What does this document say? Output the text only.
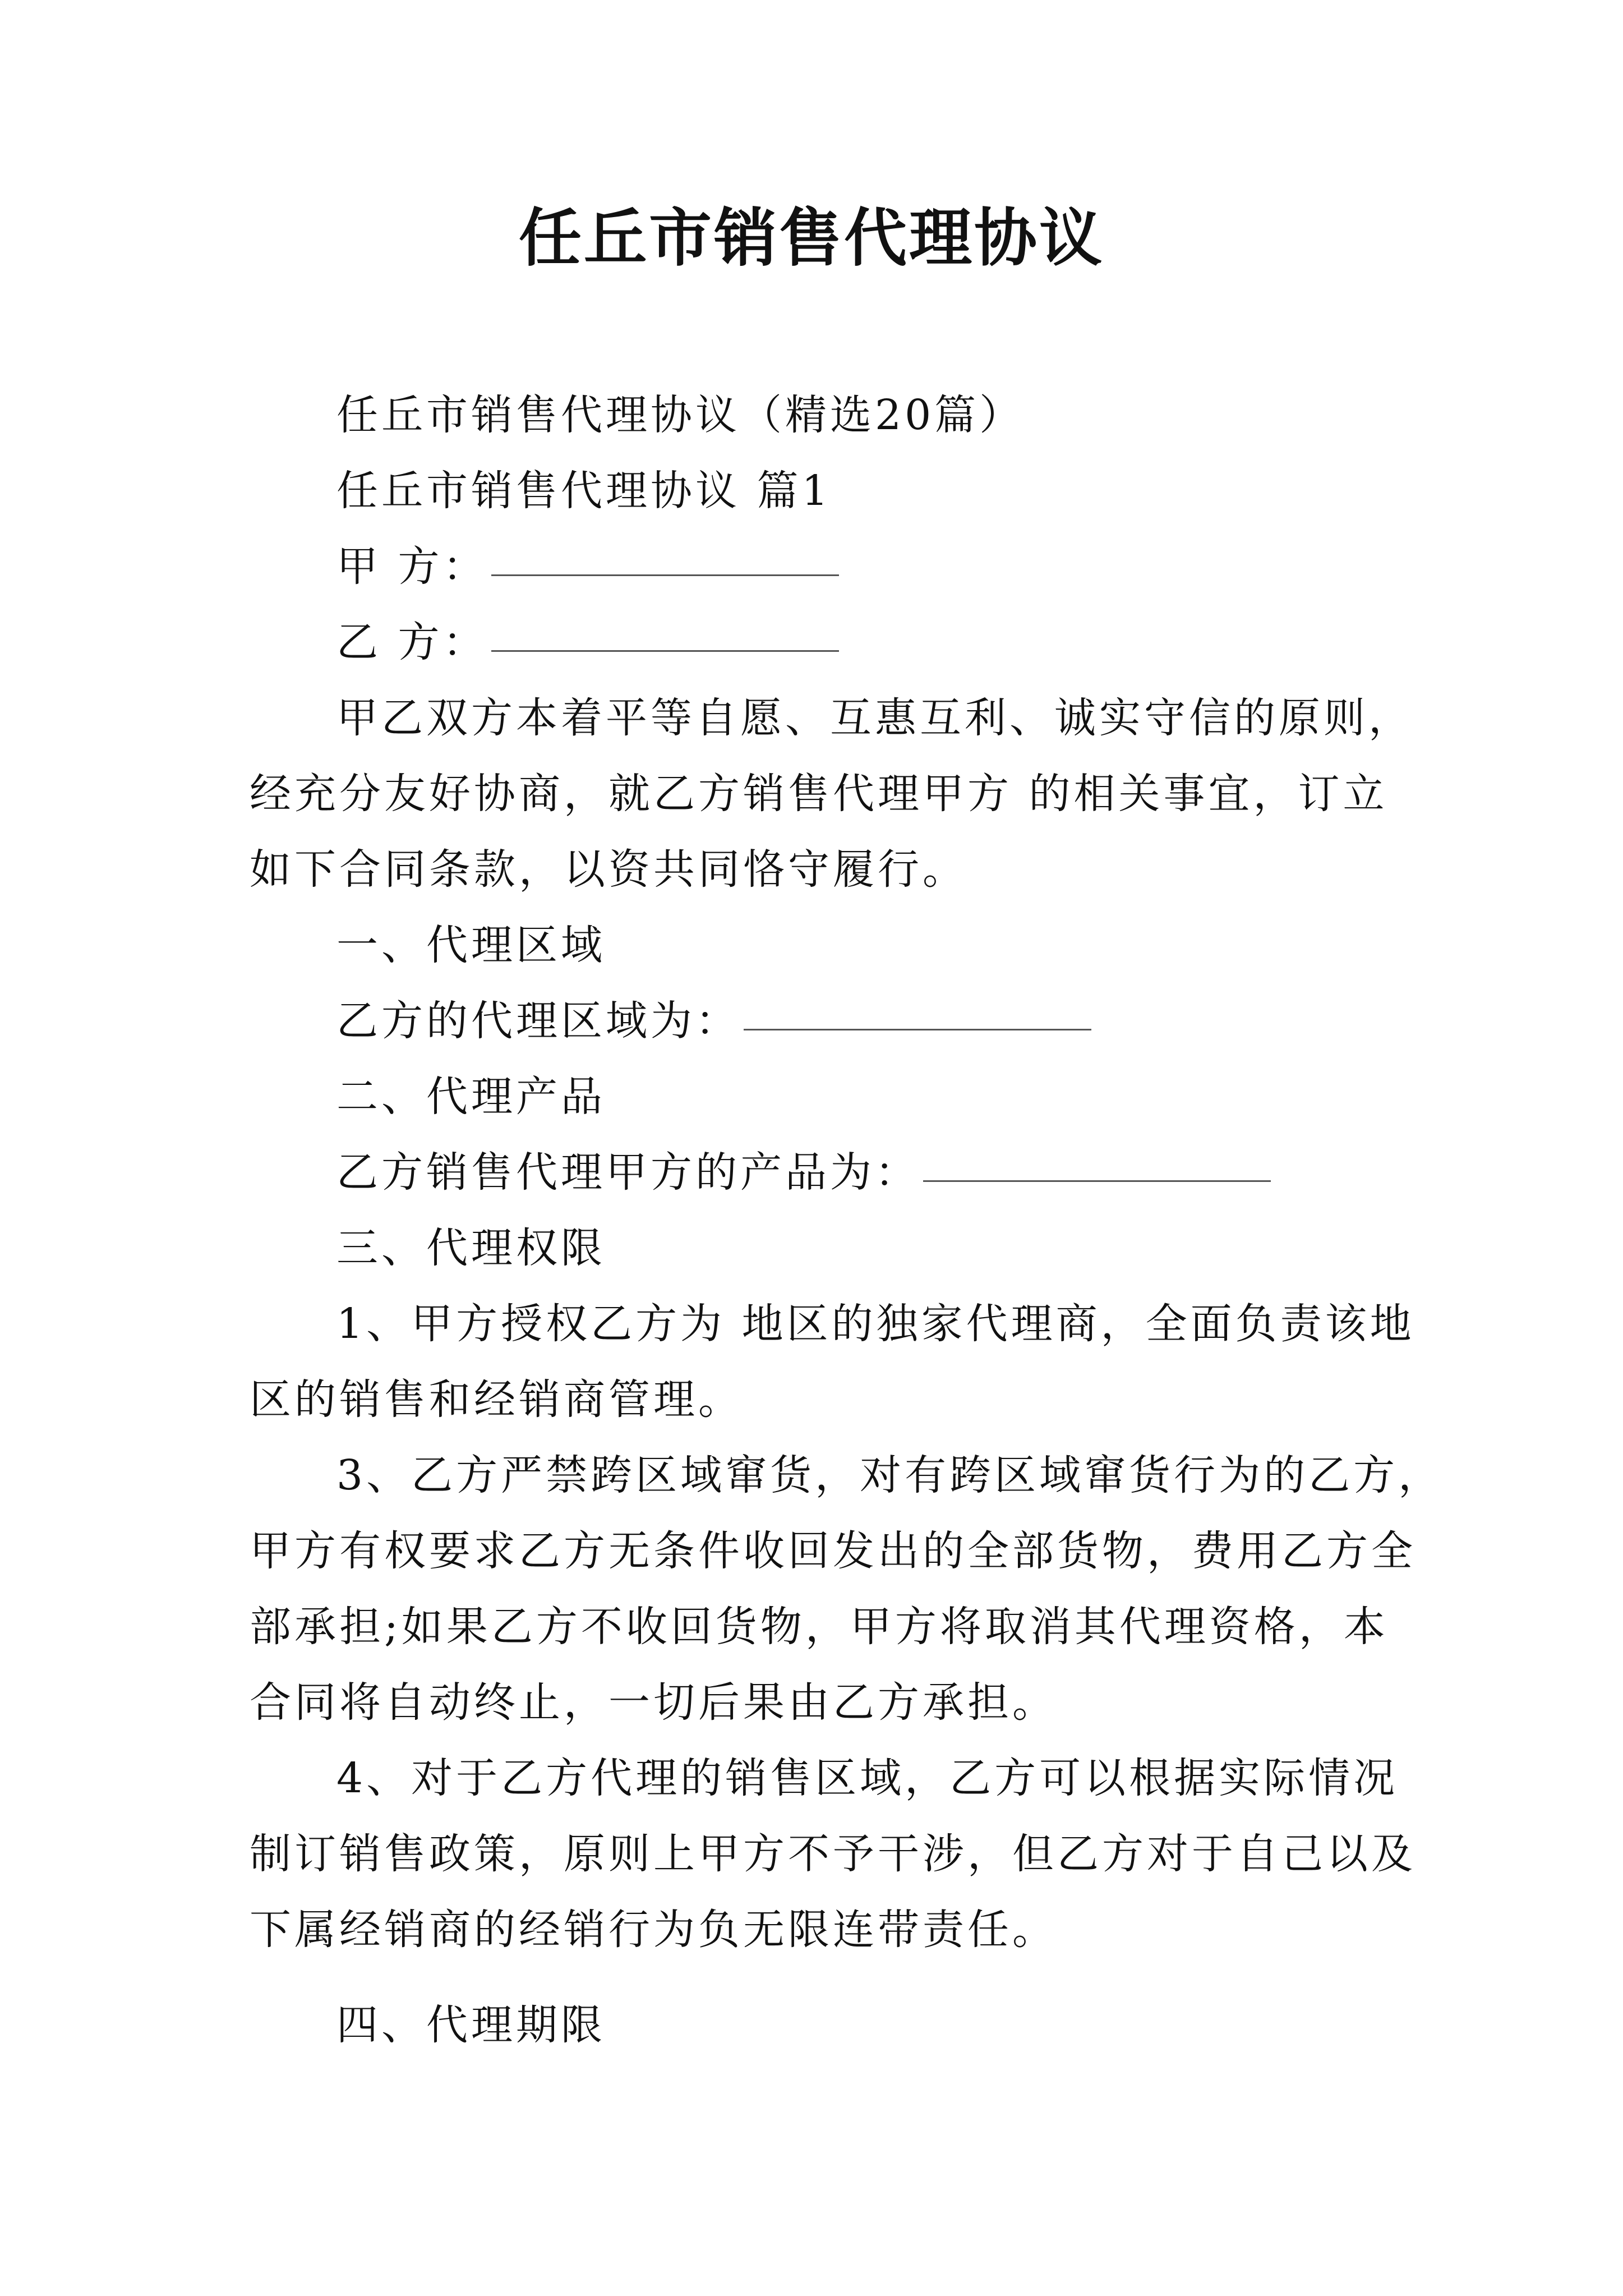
任丘市销售代理协议
任丘市销售代理协议（精选20篇）
任丘市销售代理协议 篇1
甲 方：
乙 方：
甲乙双方本着平等自愿、互惠互利、诚实守信的原则，
经充分友好协商，就乙方销售代理甲方 的相关事宜，订立
如下合同条款，以资共同恪守履行。
一、代理区域
乙方的代理区域为：
二、代理产品
乙方销售代理甲方的产品为：
三、代理权限
1、甲方授权乙方为 地区的独家代理商，全面负责该地
区的销售和经销商管理。
3、乙方严禁跨区域窜货，对有跨区域窜货行为的乙方，
甲方有权要求乙方无条件收回发出的全部货物，费用乙方全
部承担;如果乙方不收回货物，甲方将取消其代理资格，本
合同将自动终止，一切后果由乙方承担。
4、对于乙方代理的销售区域，乙方可以根据实际情况
制订销售政策，原则上甲方不予干涉，但乙方对于自己以及
下属经销商的经销行为负无限连带责任。
四、代理期限
